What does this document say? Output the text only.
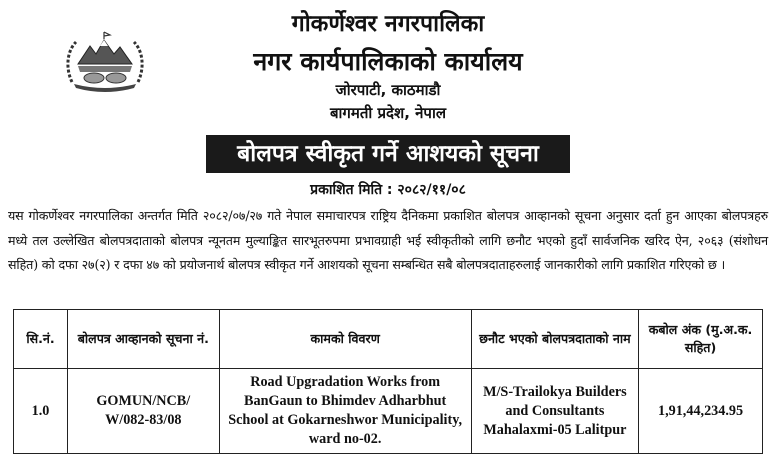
गोकर्णेश्वर नगरपालिका
नगर कार्यपालिकाको कार्यालय
जोरपाटी, काठमाडौ
बागमती प्रदेश, नेपाल
बोलपत्र स्वीकृत गर्ने आशयको सूचना
प्रकाशित मिति : २०८२/११/०८
यस गोकर्णेश्वर नगरपालिका अन्तर्गत मिति २०८२/०७/२७ गते नेपाल समाचारपत्र राष्ट्रिय दैनिकमा प्रकाशित बोलपत्र आव्हानको सूचना अनुसार दर्ता हुन आएका बोलपत्रहरु मध्ये तल उल्लेखित बोलपत्रदाताको बोलपत्र न्यूनतम मुल्याङ्कित सारभूतरुपमा प्रभावग्राही भई स्वीकृतीको लागि छनौट भएको हुदाँ सार्वजनिक खरिद ऐन, २०६३ (संशोधन सहित) को दफा २७(२) र दफा ४७ को प्रयोजनार्थ बोलपत्र स्वीकृत गर्ने आशयको सूचना सम्बन्धित सबै बोलपत्रदाताहरुलाई जानकारीको लागि प्रकाशित गरिएको छ ।
सि.नं.	बोलपत्र आव्हानको सूचना नं.	कामको विवरण	छनौट भएको बोलपत्रदाताको नाम	कबोल अंक (मु.अ.क. सहित)
1.0	GOMUN/NCB/ W/082-83/08	Road Upgradation Works from BanGaun to Bhimdev Adharbhut School at Gokarneshwor Municipality, ward no-02.	M/S-Trailokya Builders and Consultants Mahalaxmi-05 Lalitpur	1,91,44,234.95
